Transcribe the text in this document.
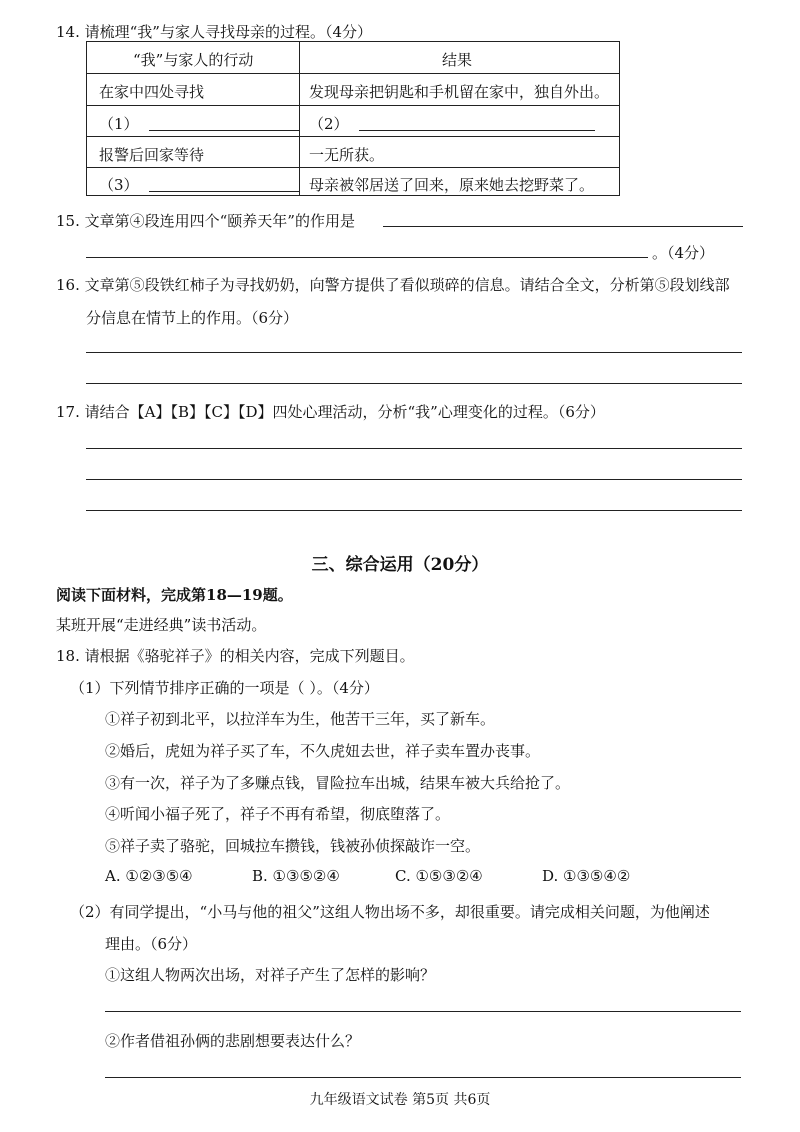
14. 请梳理“我”与家人寻找母亲的过程。（4分）
“我”与家人的行动	结果
在家中四处寻找	发现母亲把钥匙和手机留在家中，独自外出。
（1）	（2）
报警后回家等待	一无所获。
（3）	母亲被邻居送了回来，原来她去挖野菜了。
15. 文章第④段连用四个“颐养天年”的作用是
。（4分）
16. 文章第⑤段铁红柿子为寻找奶奶，向警方提供了看似琐碎的信息。请结合全文，分析第⑤段划线部
分信息在情节上的作用。（6分）
17. 请结合【A】【B】【C】【D】四处心理活动，分析“我”心理变化的过程。（6分）
三、综合运用（20分）
阅读下面材料，完成第18—19题。
某班开展“走进经典”读书活动。
18. 请根据《骆驼祥子》的相关内容，完成下列题目。
（1）下列情节排序正确的一项是（ ）。（4分）
①祥子初到北平，以拉洋车为生，他苦干三年，买了新车。
②婚后，虎妞为祥子买了车，不久虎妞去世，祥子卖车置办丧事。
③有一次，祥子为了多赚点钱，冒险拉车出城，结果车被大兵给抢了。
④听闻小福子死了，祥子不再有希望，彻底堕落了。
⑤祥子卖了骆驼，回城拉车攒钱，钱被孙侦探敲诈一空。
A. ①②③⑤④	B. ①③⑤②④	C. ①⑤③②④	D. ①③⑤④②
（2）有同学提出，“小马与他的祖父”这组人物出场不多，却很重要。请完成相关问题，为他阐述
理由。（6分）
①这组人物两次出场，对祥子产生了怎样的影响？
②作者借祖孙俩的悲剧想要表达什么？
九年级语文试卷 第5页 共6页
